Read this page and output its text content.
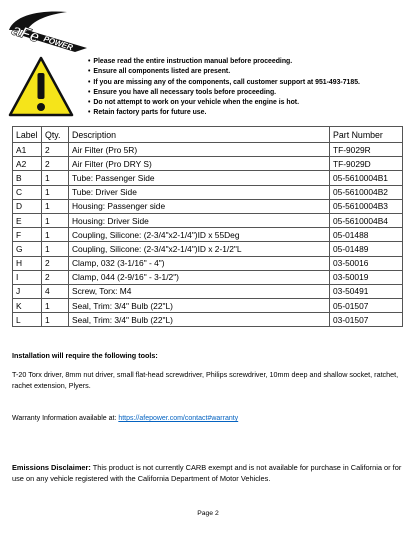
aFe POWER
• Please read the entire instruction manual before proceeding.
• Ensure all components listed are present.
• If you are missing any of the components, call customer support at 951-493-7185.
• Ensure you have all necessary tools before proceeding.
• Do not attempt to work on your vehicle when the engine is hot.
• Retain factory parts for future use.
Label	Qty.	Description	Part Number
A1	2	Air Filter (Pro 5R)	TF-9029R
A2	2	Air Filter (Pro DRY S)	TF-9029D
B	1	Tube: Passenger Side	05-5610004B1
C	1	Tube: Driver Side	05-5610004B2
D	1	Housing: Passenger side	05-5610004B3
E	1	Housing: Driver Side	05-5610004B4
F	1	Coupling, Silicone: (2-3/4"x2-1/4")ID x 55Deg	05-01488
G	1	Coupling, Silicone: (2-3/4"x2-1/4")ID x 2-1/2"L	05-01489
H	2	Clamp, 032 (3-1/16" - 4")	03-50016
I	2	Clamp, 044 (2-9/16" - 3-1/2")	03-50019
J	4	Screw, Torx: M4	03-50491
K	1	Seal, Trim: 3/4" Bulb (22"L)	05-01507
L	1	Seal, Trim: 3/4" Bulb (22"L)	03-01507
Installation will require the following tools:
T-20 Torx driver, 8mm nut driver, small flat-head screwdriver, Philips screwdriver, 10mm deep and shallow socket, ratchet, rachet extension, Plyers.
Warranty Information available at: https://afepower.com/contact#warranty
Emissions Disclaimer: This product is not currently CARB exempt and is not available for purchase in California or for use on any vehicle registered with the California Department of Motor Vehicles.
Page 2
